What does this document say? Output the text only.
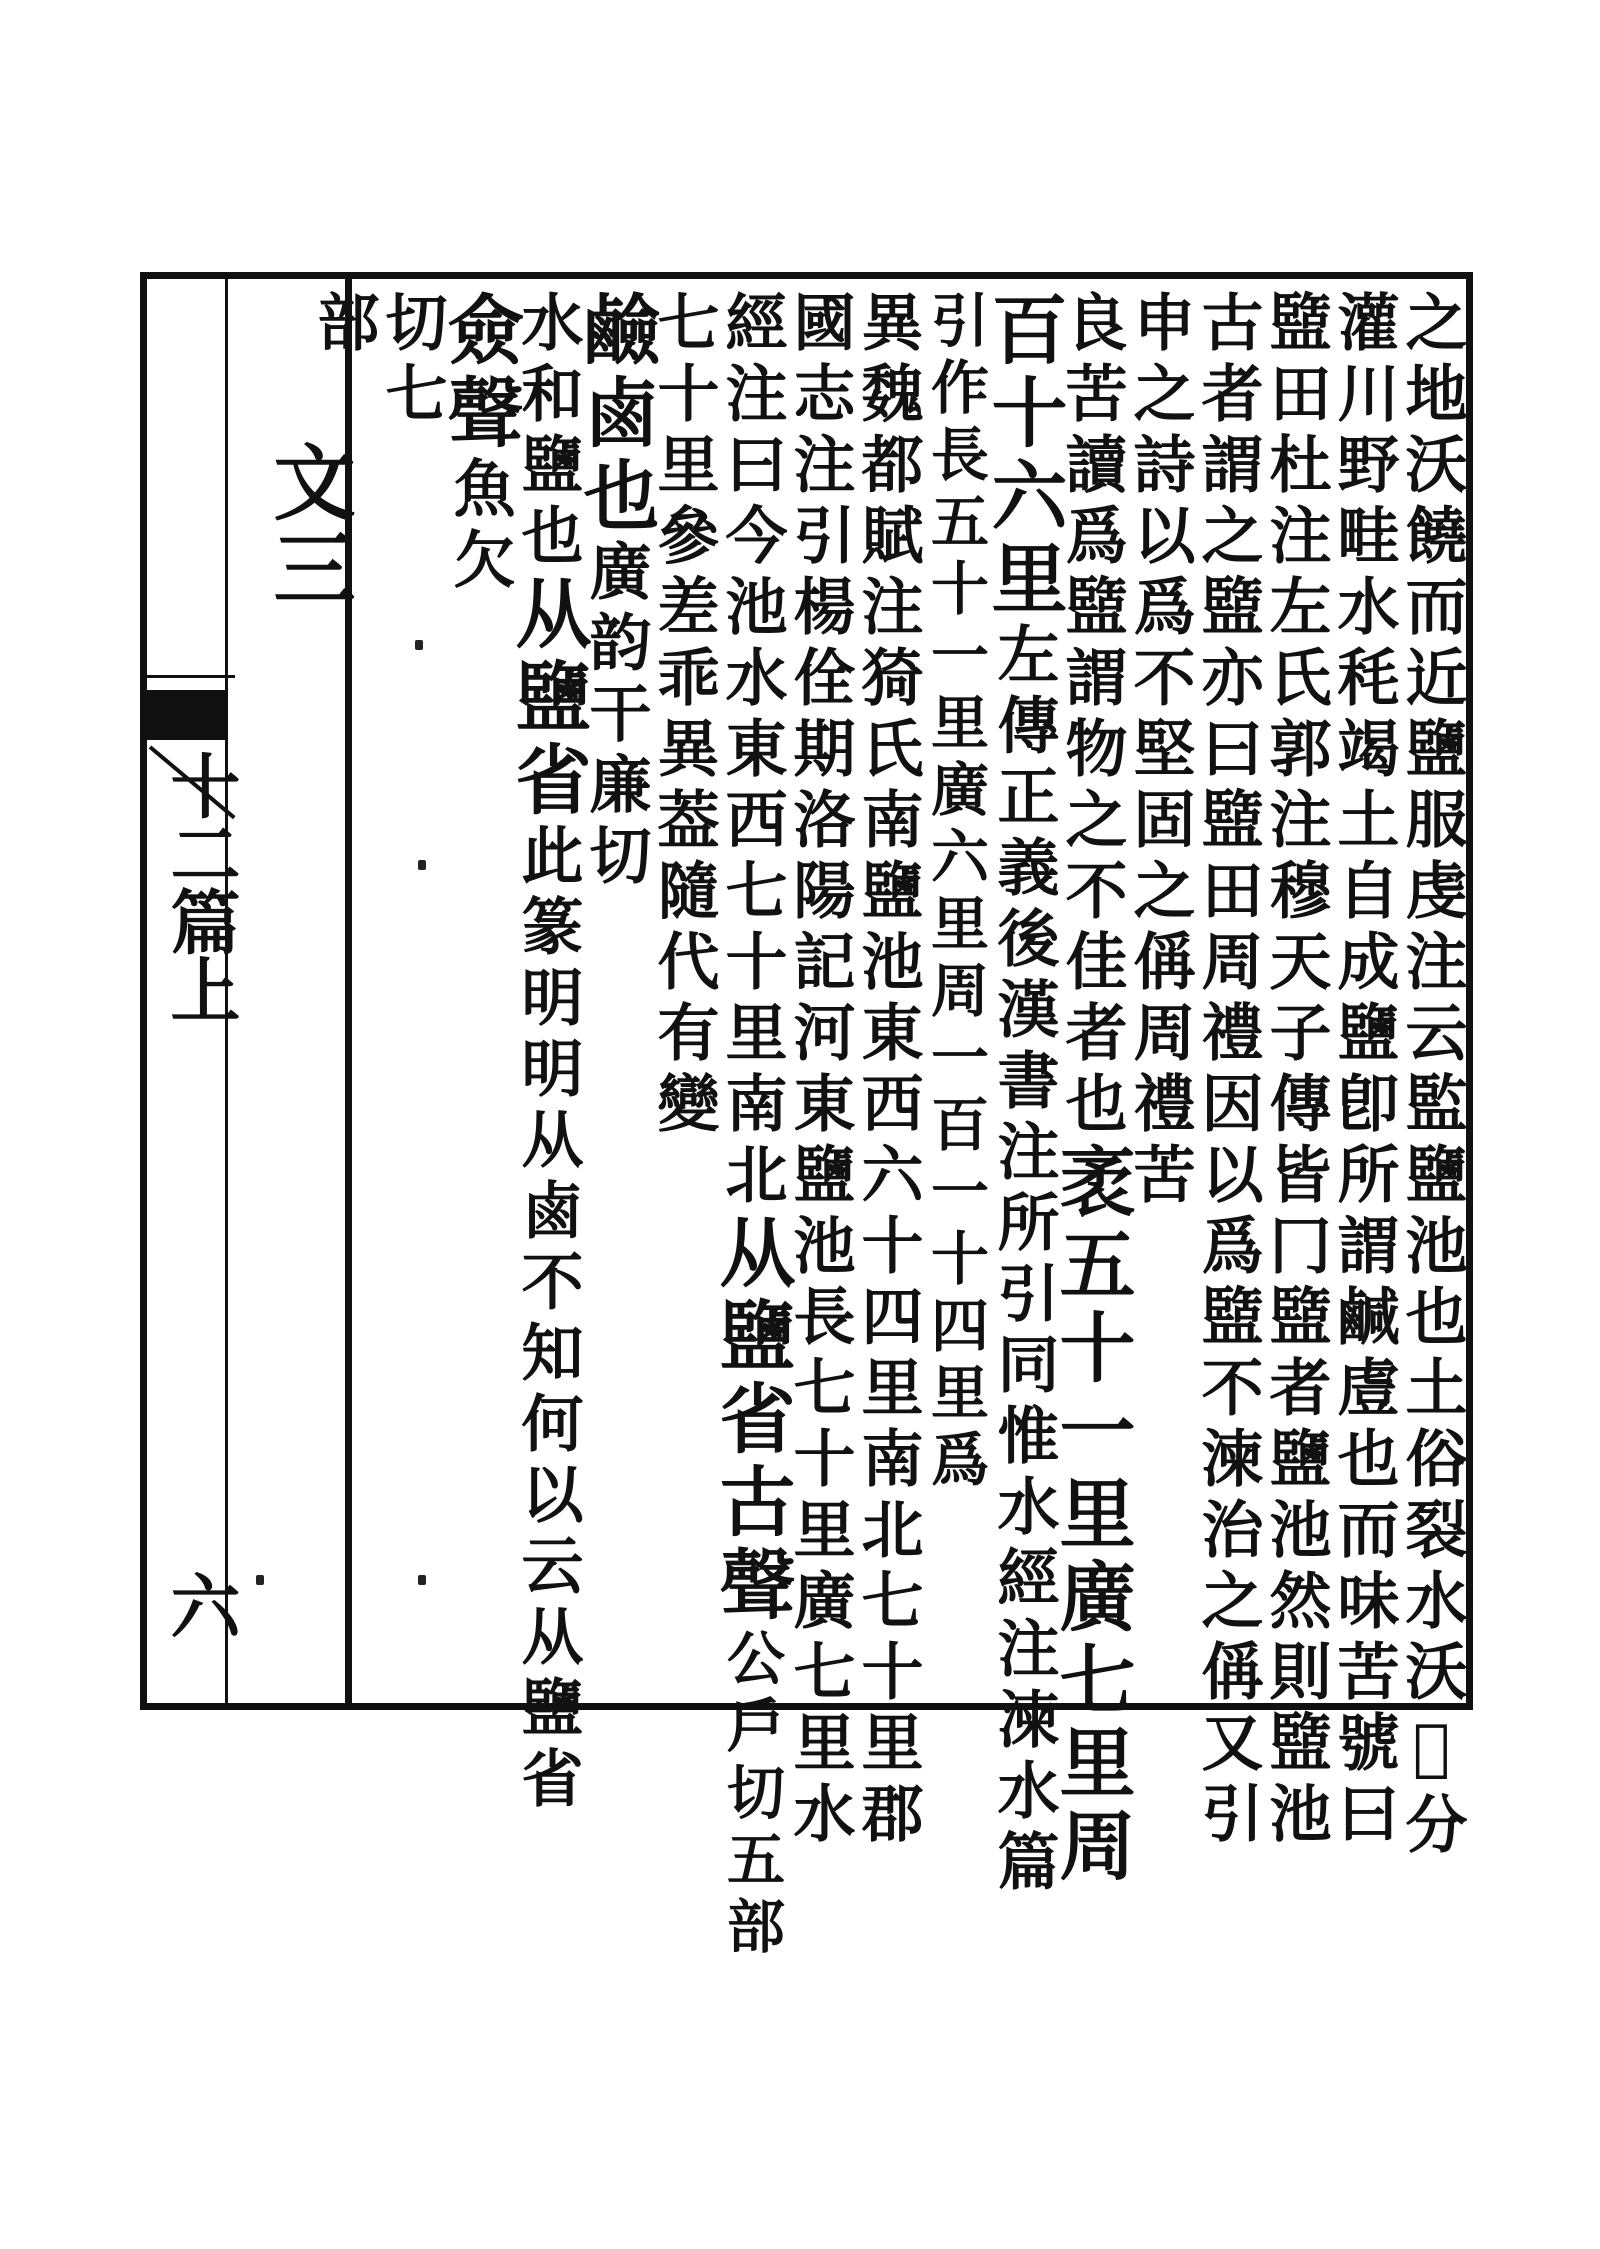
文三
十二篇上
六	之地沃饒而近鹽服虔注云監鹽池也土俗裂水沃𣼩分
灌川野畦水秏竭土自成鹽卽所謂鹹䖒也而味苦號曰
盬田杜注左氏郭注穆天子傳皆冂盬者鹽池然則盬池
古者謂之盬亦曰盬田周禮因以爲盬不湅治之偁又引
申之詩以爲不堅固之偁周禮苦
良苦讀爲盬謂物之不佳者也袤五十一里廣七里周
百十六里左傳正義後漢書注所引同惟水經注湅水篇
引作長五十一里廣六里周一百一十四里爲
異魏都賦注猗氏南鹽池東西六十四里南北七十里郡
國志注引楊佺期洛陽記河東鹽池長七十里廣七里水
經注曰今池水東西七十里南北从鹽省古聲公戶切五部
七十里參差乖異葢隨代有變
鹼鹵也廣韵干廉切
水和鹽也从鹽省此篆明明从鹵不知何以云从鹽省
僉聲魚欠
切七
部
